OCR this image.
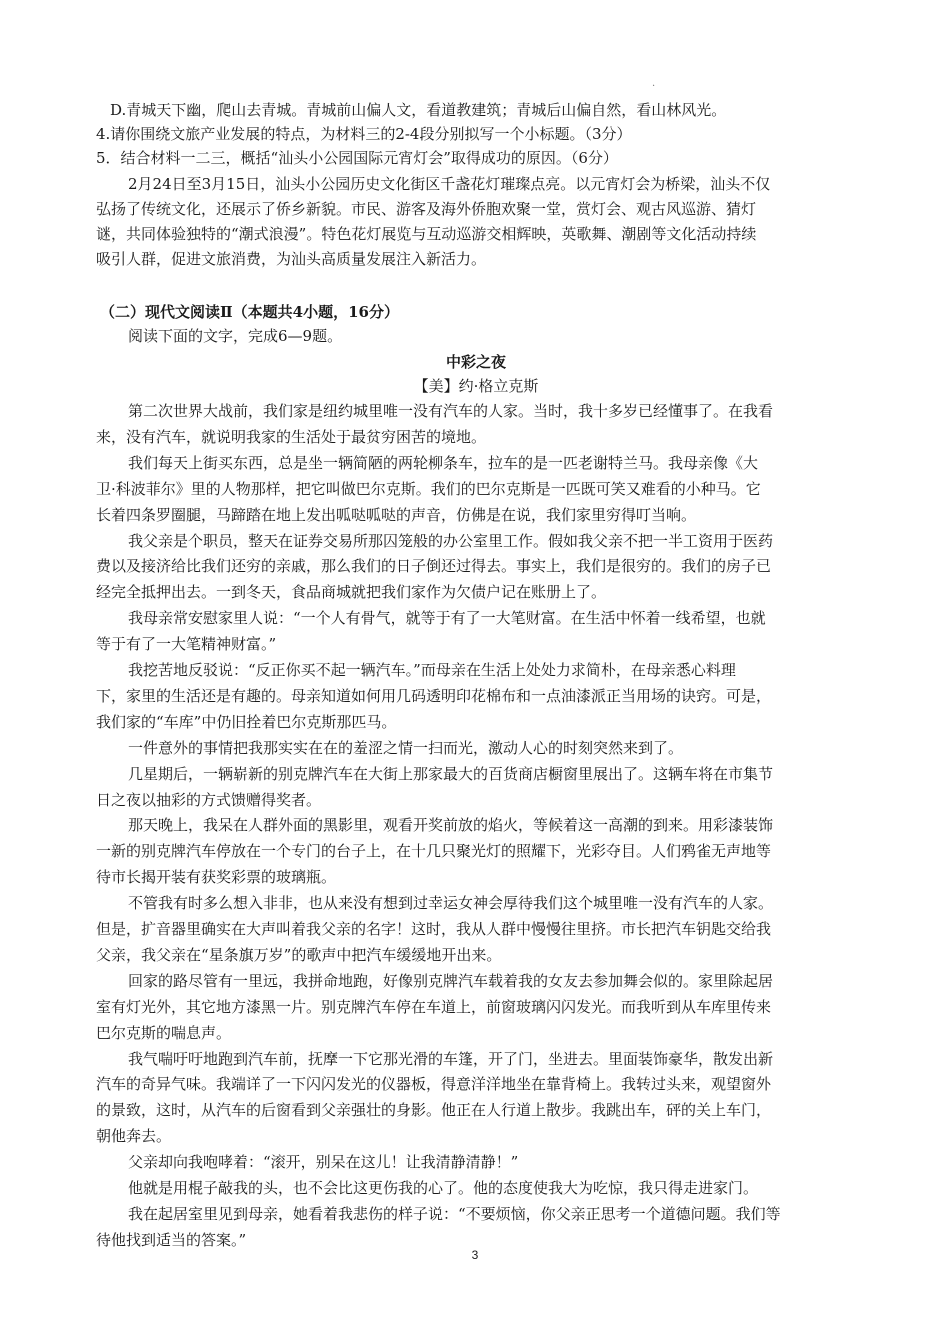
.
D.青城天下幽，爬山去青城。青城前山偏人文，看道教建筑；青城后山偏自然，看山林风光。
4.请你围绕文旅产业发展的特点，为材料三的2-4段分别拟写一个小标题。（3分）
5．结合材料一二三，概括“汕头小公园国际元宵灯会”取得成功的原因。（6分）
2月24日至3月15日，汕头小公园历史文化街区千盏花灯璀璨点亮。以元宵灯会为桥梁，汕头不仅
弘扬了传统文化，还展示了侨乡新貌。市民、游客及海外侨胞欢聚一堂，赏灯会、观古风巡游、猜灯
谜，共同体验独特的“潮式浪漫”。特色花灯展览与互动巡游交相辉映，英歌舞、潮剧等文化活动持续
吸引人群，促进文旅消费，为汕头高质量发展注入新活力。
（二）现代文阅读Ⅱ（本题共4小题，16分）
阅读下面的文字，完成6—9题。
中彩之夜
【美】约·格立克斯
第二次世界大战前，我们家是纽约城里唯一没有汽车的人家。当时，我十多岁已经懂事了。在我看
来，没有汽车，就说明我家的生活处于最贫穷困苦的境地。
我们每天上街买东西，总是坐一辆简陋的两轮柳条车，拉车的是一匹老谢特兰马。我母亲像《大
卫·科波菲尔》里的人物那样，把它叫做巴尔克斯。我们的巴尔克斯是一匹既可笑又难看的小种马。它
长着四条罗圈腿，马蹄踏在地上发出呱哒呱哒的声音，仿佛是在说，我们家里穷得叮当响。
我父亲是个职员，整天在证券交易所那囚笼般的办公室里工作。假如我父亲不把一半工资用于医药
费以及接济给比我们还穷的亲戚，那么我们的日子倒还过得去。事实上，我们是很穷的。我们的房子已
经完全抵押出去。一到冬天，食品商城就把我们家作为欠债户记在账册上了。
我母亲常安慰家里人说：“一个人有骨气，就等于有了一大笔财富。在生活中怀着一线希望，也就
等于有了一大笔精神财富。”
我挖苦地反驳说：“反正你买不起一辆汽车。”而母亲在生活上处处力求简朴，在母亲悉心料理
下，家里的生活还是有趣的。母亲知道如何用几码透明印花棉布和一点油漆派正当用场的诀窍。可是，
我们家的“车库”中仍旧拴着巴尔克斯那匹马。
一件意外的事情把我那实实在在的羞涩之情一扫而光，激动人心的时刻突然来到了。
几星期后，一辆崭新的别克牌汽车在大街上那家最大的百货商店橱窗里展出了。这辆车将在市集节
日之夜以抽彩的方式馈赠得奖者。
那天晚上，我呆在人群外面的黑影里，观看开奖前放的焰火，等候着这一高潮的到来。用彩漆装饰
一新的别克牌汽车停放在一个专门的台子上，在十几只聚光灯的照耀下，光彩夺目。人们鸦雀无声地等
待市长揭开装有获奖彩票的玻璃瓶。
不管我有时多么想入非非，也从来没有想到过幸运女神会厚待我们这个城里唯一没有汽车的人家。
但是，扩音器里确实在大声叫着我父亲的名字！这时，我从人群中慢慢往里挤。市长把汽车钥匙交给我
父亲，我父亲在“星条旗万岁”的歌声中把汽车缓缓地开出来。
回家的路尽管有一里远，我拼命地跑，好像别克牌汽车载着我的女友去参加舞会似的。家里除起居
室有灯光外，其它地方漆黑一片。别克牌汽车停在车道上，前窗玻璃闪闪发光。而我听到从车库里传来
巴尔克斯的喘息声。
我气喘吁吁地跑到汽车前，抚摩一下它那光滑的车篷，开了门，坐进去。里面装饰豪华，散发出新
汽车的奇异气味。我端详了一下闪闪发光的仪器板，得意洋洋地坐在靠背椅上。我转过头来，观望窗外
的景致，这时，从汽车的后窗看到父亲强壮的身影。他正在人行道上散步。我跳出车，砰的关上车门，
朝他奔去。
父亲却向我咆哮着：“滚开，别呆在这儿！让我清静清静！”
他就是用棍子敲我的头，也不会比这更伤我的心了。他的态度使我大为吃惊，我只得走进家门。
我在起居室里见到母亲，她看着我悲伤的样子说：“不要烦恼，你父亲正思考一个道德问题。我们等
待他找到适当的答案。”
3
